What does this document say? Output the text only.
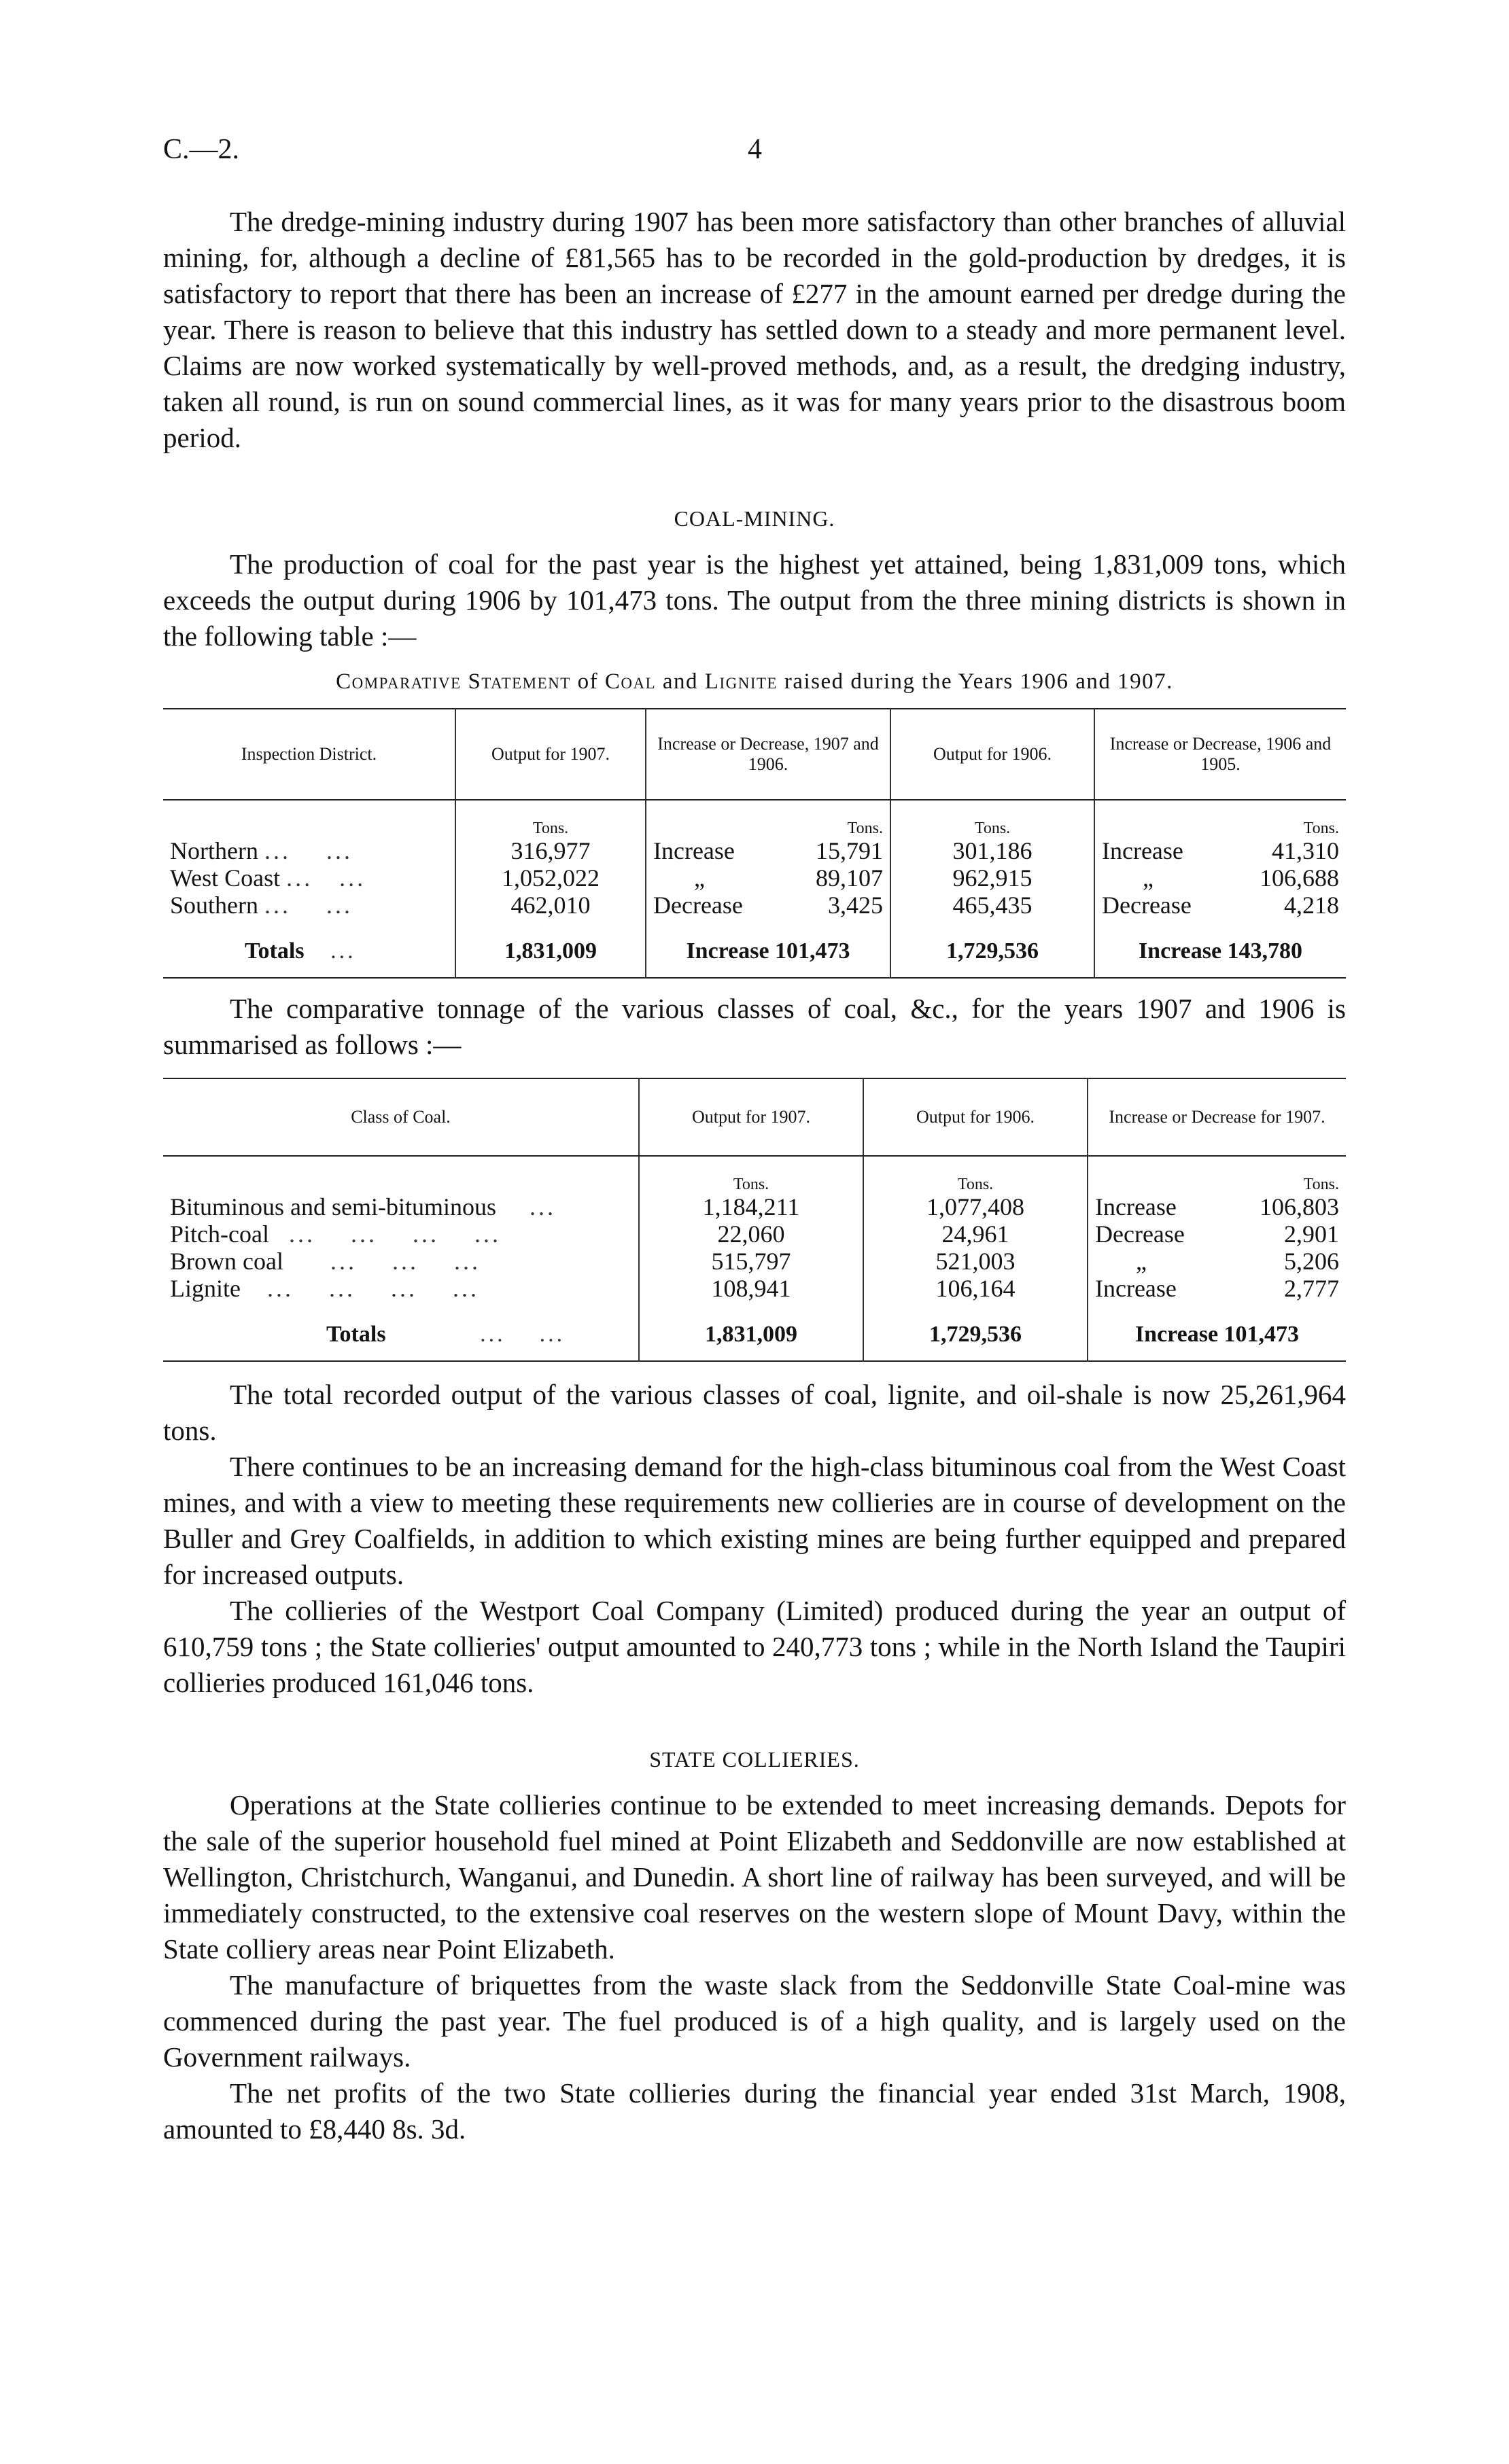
C.—2.	4

The dredge-mining industry during 1907 has been more satisfactory than other branches of alluvial mining, for, although a decline of £81,565 has to be recorded in the gold-production by dredges, it is satisfactory to report that there has been an increase of £277 in the amount earned per dredge during the year. There is reason to believe that this industry has settled down to a steady and more permanent level. Claims are now worked systematically by well-proved methods, and, as a result, the dredging industry, taken all round, is run on sound commercial lines, as it was for many years prior to the disastrous boom period.

COAL-MINING.

The production of coal for the past year is the highest yet attained, being 1,831,009 tons, which exceeds the output during 1906 by 101,473 tons. The output from the three mining districts is shown in the following table :—

Comparative Statement of Coal and Lignite raised during the Years 1906 and 1907.
Inspection District.	Output for 1907.	Increase or Decrease, 1907 and 1906.	Output for 1906.	Increase or Decrease, 1906 and 1905.
	Tons.	Tons.	Tons.	Tons.
Northern ...    ...	316,977	Increase 15,791	301,186	Increase 41,310

West Coast ...   ...	1,052,022	„ 89,107	962,915	„ 106,688

Southern ...    ...	462,010	Decrease 3,425	465,435	Decrease 4,218

Totals ...	1,831,009	Increase 101,473	1,729,536	Increase 143,780

The comparative tonnage of the various classes of coal, &c., for the years 1907 and 1906 is summarised as follows :—

Class of Coal.	Output for 1907.	Output for 1906.	Increase or Decrease for 1907.
	Tons.	Tons.	Tons.
Bituminous and semi-bituminous ...	1,184,211	1,077,408	Increase 106,803

Pitch-coal ...    ...    ...    ...	22,060	24,961	Decrease 2,901

Brown coal ...    ...    ...	515,797	521,003	„ 5,206

Lignite ...    ...    ...    ...	108,941	106,164	Increase 2,777

Totals ...    ...	1,831,009	1,729,536	Increase 101,473

The total recorded output of the various classes of coal, lignite, and oil-shale is now 25,261,964 tons.

There continues to be an increasing demand for the high-class bituminous coal from the West Coast mines, and with a view to meeting these requirements new collieries are in course of development on the Buller and Grey Coalfields, in addition to which existing mines are being further equipped and prepared for increased outputs.

The collieries of the Westport Coal Company (Limited) produced during the year an output of 610,759 tons ; the State collieries' output amounted to 240,773 tons ; while in the North Island the Taupiri collieries produced 161,046 tons.

STATE COLLIERIES.

Operations at the State collieries continue to be extended to meet increasing demands. Depots for the sale of the superior household fuel mined at Point Elizabeth and Seddonville are now established at Wellington, Christchurch, Wanganui, and Dunedin. A short line of railway has been surveyed, and will be immediately constructed, to the extensive coal reserves on the western slope of Mount Davy, within the State colliery areas near Point Elizabeth.

The manufacture of briquettes from the waste slack from the Seddonville State Coal-mine was commenced during the past year. The fuel produced is of a high quality, and is largely used on the Government railways.

The net profits of the two State collieries during the financial year ended 31st March, 1908, amounted to £8,440 8s. 3d.
